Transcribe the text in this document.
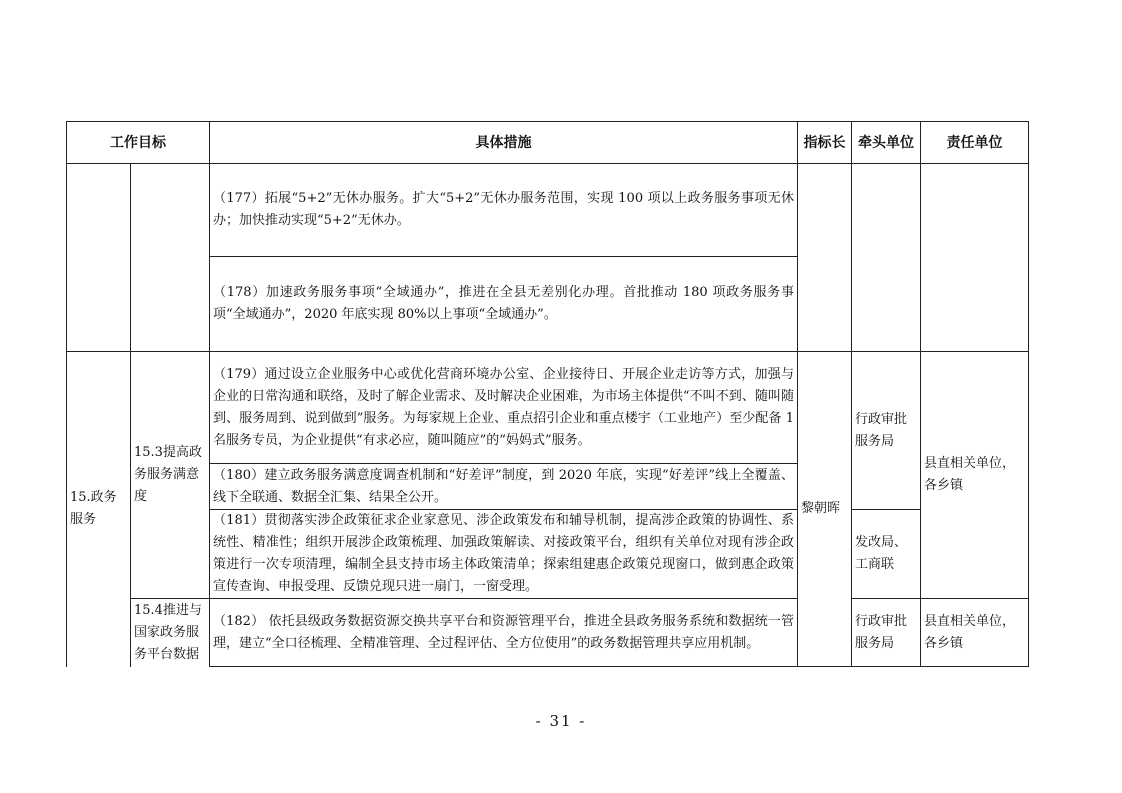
工作目标		具体措施	指标长	牵头单位	责任单位
		（177）拓展“5+2”无休办服务。扩大“5+2”无休办服务范围，实现 100 项以上政务服务事项无休办；加快推动实现“5+2”无休办。			
		（178）加速政务服务事项“全域通办”，推进在全县无差别化办理。首批推动 180 项政务服务事项“全域通办”，2020 年底实现 80%以上事项“全域通办”。			

15.政务服务	15.3提高政务服务满意度	（179）通过设立企业服务中心或优化营商环境办公室、企业接待日、开展企业走访等方式，加强与企业的日常沟通和联络，及时了解企业需求、及时解决企业困难，为市场主体提供“不叫不到、随叫随到、服务周到、说到做到”服务。为每家规上企业、重点招引企业和重点楼宇（工业地产）至少配备 1 名服务专员，为企业提供“有求必应，随叫随应”的“妈妈式”服务。	黎朝晖	行政审批服务局	县直相关单位，各乡镇
		（180）建立政务服务满意度调查机制和“好差评”制度，到 2020 年底，实现“好差评”线上全覆盖、线下全联通、数据全汇集、结果全公开。			
		（181）贯彻落实涉企政策征求企业家意见、涉企政策发布和辅导机制，提高涉企政策的协调性、系统性、精准性；组织开展涉企政策梳理、加强政策解读、对接政策平台，组织有关单位对现有涉企政策进行一次专项清理，编制全县支持市场主体政策清单；探索组建惠企政策兑现窗口，做到惠企政策宣传查询、申报受理、反馈兑现只进一扇门，一窗受理。		发改局、工商联	
	15.4推进与国家政务服务平台数据	（182） 依托县级政务数据资源交换共享平台和资源管理平台，推进全县政务服务系统和数据统一管理，建立“全口径梳理、全精准管理、全过程评估、全方位使用”的政务数据管理共享应用机制。		行政审批服务局	县直相关单位，各乡镇
- 31 -
